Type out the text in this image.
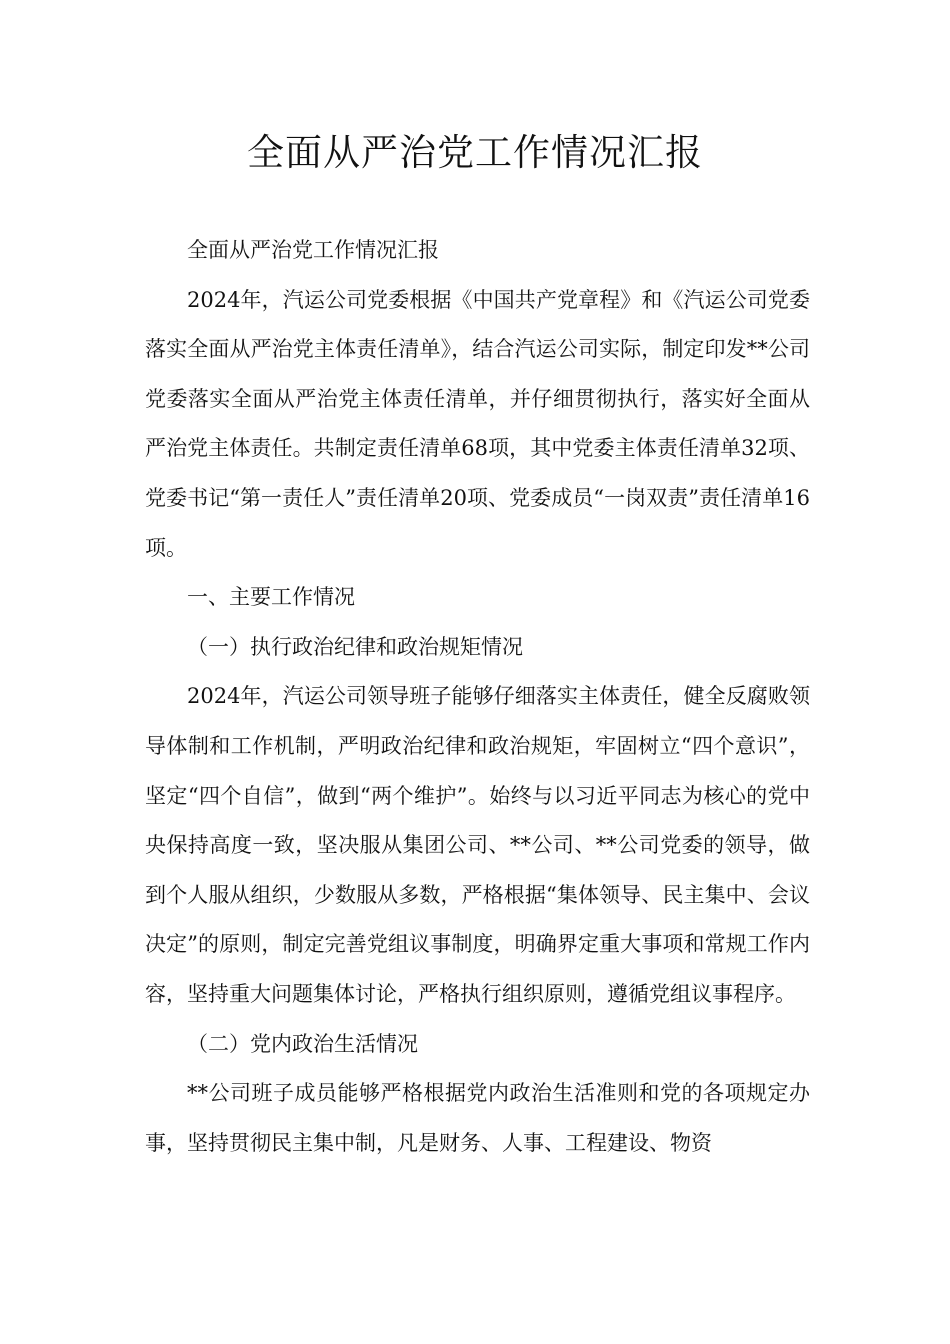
全面从严治党工作情况汇报

全面从严治党工作情况汇报

2024年，汽运公司党委根据《中国共产党章程》和《汽运公司党委落实全面从严治党主体责任清单》，结合汽运公司实际，制定印发**公司党委落实全面从严治党主体责任清单，并仔细贯彻执行，落实好全面从严治党主体责任。共制定责任清单68项，其中党委主体责任清单32项、党委书记“第一责任人”责任清单20项、党委成员“一岗双责”责任清单16项。

一、主要工作情况

（一）执行政治纪律和政治规矩情况

2024年，汽运公司领导班子能够仔细落实主体责任，健全反腐败领导体制和工作机制，严明政治纪律和政治规矩，牢固树立“四个意识”，坚定“四个自信”，做到“两个维护”。始终与以习近平同志为核心的党中央保持高度一致，坚决服从集团公司、**公司、**公司党委的领导，做到个人服从组织，少数服从多数，严格根据“集体领导、民主集中、会议决定”的原则，制定完善党组议事制度，明确界定重大事项和常规工作内容，坚持重大问题集体讨论，严格执行组织原则，遵循党组议事程序。

（二）党内政治生活情况

**公司班子成员能够严格根据党内政治生活准则和党的各项规定办事，坚持贯彻民主集中制，凡是财务、人事、工程建设、物资
